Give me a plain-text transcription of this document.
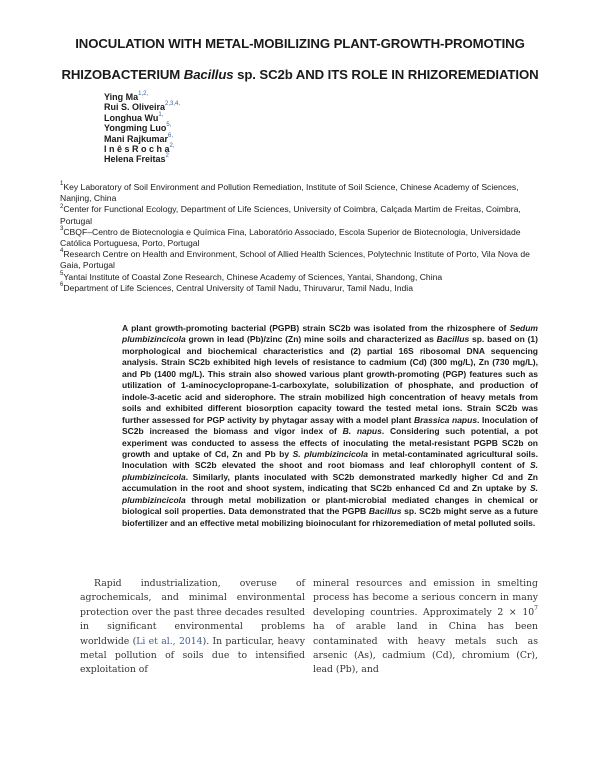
INOCULATION WITH METAL-MOBILIZING PLANT-GROWTH-PROMOTING
RHIZOBACTERIUM Bacillus sp. SC2b AND ITS ROLE IN RHIZOREMEDIATION
Ying $Ma^{1,2,}$
Rui S. Oliveira$^{2,3,4,}$
Longhua $Wu^{1,}$
Yongming Luo$^{5,}$
Mani Rajkumar$^{6,}$
I n ê s R o c h $a^{2,}$
Helena Freitas$^2$

$^1$Key Laboratory of Soil Environment and Pollution Remediation, Institute of Soil Science, Chinese Academy of Sciences, Nanjing, China

$^2$Center for Functional Ecology, Department of Life Sciences, University of Coimbra, Calçada Martim de Freitas, Coimbra, Portugal

$^3$CBQF–Centro de Biotecnologia e Química Fina, Laboratório Associado, Escola Superior de Biotecnologia, Universidade Católica Portuguesa, Porto, Portugal

$^4$Research Centre on Health and Environment, School of Allied Health Sciences, Polytechnic Institute of Porto, Vila Nova de Gaia, Portugal

$^5$Yantai Institute of Coastal Zone Research, Chinese Academy of Sciences, Yantai, Shandong, China

$^6$Department of Life Sciences, Central University of Tamil Nadu, Thiruvarur, Tamil Nadu, India

A plant growth-promoting bacterial (PGPB) strain SC2b was isolated from the rhizosphere of Sedum plumbizincicola grown in lead (Pb)/zinc (Zn) mine soils and characterized as Bacillus sp. based on (1) morphological and biochemical characteristics and (2) partial 16S ribosomal DNA sequencing analysis. Strain SC2b exhibited high levels of resistance to cadmium (Cd) (300 mg/L), Zn (730 mg/L), and Pb (1400 mg/L). This strain also showed various plant growth-promoting (PGP) features such as utilization of 1-aminocyclopropane-1-carboxylate, solubilization of phosphate, and production of indole-3-acetic acid and siderophore. The strain mobilized high concentration of heavy metals from soils and exhibited different biosorption capacity toward the tested metal ions. Strain SC2b was further assessed for PGP activity by phytagar assay with a model plant Brassica napus. Inoculation of SC2b increased the biomass and vigor index of B. napus. Considering such potential, a pot experiment was conducted to assess the effects of inoculating the metal-resistant PGPB SC2b on growth and uptake of Cd, Zn and Pb by S. plumbizincicola in metal-contaminated agricultural soils. Inoculation with SC2b elevated the shoot and root biomass and leaf chlorophyll content of S. plumbizincicola. Similarly, plants inoculated with SC2b demonstrated markedly higher Cd and Zn accumulation in the root and shoot system, indicating that SC2b enhanced Cd and Zn uptake by S. plumbizincicola through metal mobilization or plant-microbial mediated changes in chemical or biological soil properties. Data demonstrated that the PGPB Bacillus sp. SC2b might serve as a future biofertilizer and an effective metal mobilizing bioinoculant for rhizoremediation of metal polluted soils.

Rapid industrialization, overuse of agrochemicals, and minimal environmental protection over the past three decades resulted in significant environmental problems worldwide (Li et al., 2014). In particular, heavy metal pollution of soils due to intensified exploitation of

mineral resources and emission in smelting process has become a serious concern in many developing countries. Approximately $2 \times 10^7$ ha of arable land in China has been contaminated with heavy metals such as arsenic (As), cadmium (Cd), chromium (Cr), lead (Pb), and
